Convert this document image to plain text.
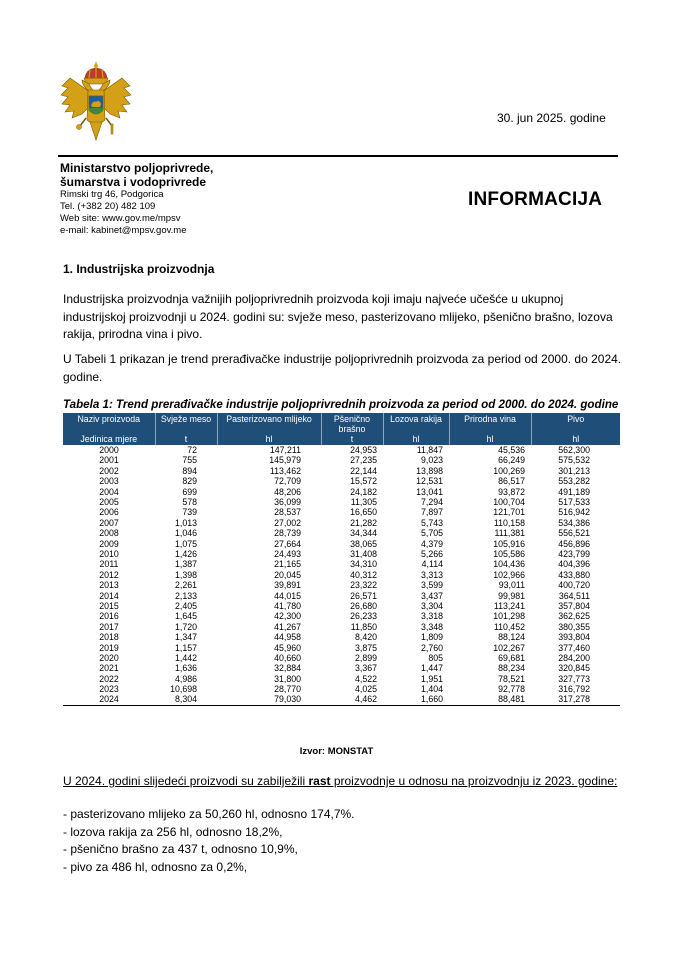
30. jun 2025. godine
Ministarstvo poljoprivrede,
šumarstva i vodoprivrede
Rimski trg 46, Podgorica
Tel. (+382 20) 482 109
Web site: www.gov.me/mpsv
e-mail: kabinet@mpsv.gov.me
INFORMACIJA
1. Industrijska proizvodnja

Industrijska proizvodnja važnijih poljoprivrednih proizvoda koji imaju najveće učešće u ukupnoj industrijskoj proizvodnji u 2024. godini su: svježe meso, pasterizovano mlijeko, pšenično brašno, lozova rakija, prirodna vina i pivo.

U Tabeli 1 prikazan je trend prerađivačke industrije poljoprivrednih proizvoda za period od 2000. do 2024. godine.

Tabela 1: Trend prerađivačke industrije poljoprivrednih proizvoda za period od 2000. do 2024. godine
Naziv proizvoda	Svježe meso	Pasterizovano mlijeko	Pšenično brašno	Lozova rakija	Prirodna vina	Pivo
Jedinica mjere	t	hl	t	hl	hl	hl
2000	72	147,211	24,953	11,847	45,536	562,300
2001	755	145,979	27,235	9,023	66,249	575,532
2002	894	113,462	22,144	13,898	100,269	301,213
2003	829	72,709	15,572	12,531	86,517	553,282
2004	699	48,206	24,182	13,041	93,872	491,189
2005	578	36,099	11,305	7,294	100,704	517,533
2006	739	28,537	16,650	7,897	121,701	516,942
2007	1,013	27,002	21,282	5,743	110,158	534,386
2008	1,046	28,739	34,344	5,705	111,381	556,521
2009	1,075	27,664	38,065	4,379	105,916	456,896
2010	1,426	24,493	31,408	5,266	105,586	423,799
2011	1,387	21,165	34,310	4,114	104,436	404,396
2012	1,398	20,045	40,312	3,313	102,966	433,880
2013	2,261	39,891	23,322	3,599	93,011	400,720
2014	2,133	44,015	26,571	3,437	99,981	364,511
2015	2,405	41,780	26,680	3,304	113,241	357,804
2016	1,645	42,300	26,233	3,318	101,298	362,625
2017	1,720	41,267	11,850	3,348	110,452	380,355
2018	1,347	44,958	8,420	1,809	88,124	393,804
2019	1,157	45,960	3,875	2,760	102,267	377,460
2020	1,442	40,660	2,899	805	69,681	284,200
2021	1,636	32,884	3,367	1,447	88,234	320,845
2022	4,986	31,800	4,522	1,951	78,521	327,773
2023	10,698	28,770	4,025	1,404	92,778	316,792
2024	8,304	79,030	4,462	1,660	88,481	317,278
Izvor: MONSTAT
U 2024. godini slijedeći proizvodi su zabilježili rast proizvodnje u odnosu na proizvodnju iz 2023. godine:
- pasterizovano mlijeko za 50,260 hl, odnosno 174,7%.
- lozova rakija za 256 hl, odnosno 18,2%,
- pšenično brašno za 437 t, odnosno 10,9%,
- pivo za 486 hl, odnosno za 0,2%,
